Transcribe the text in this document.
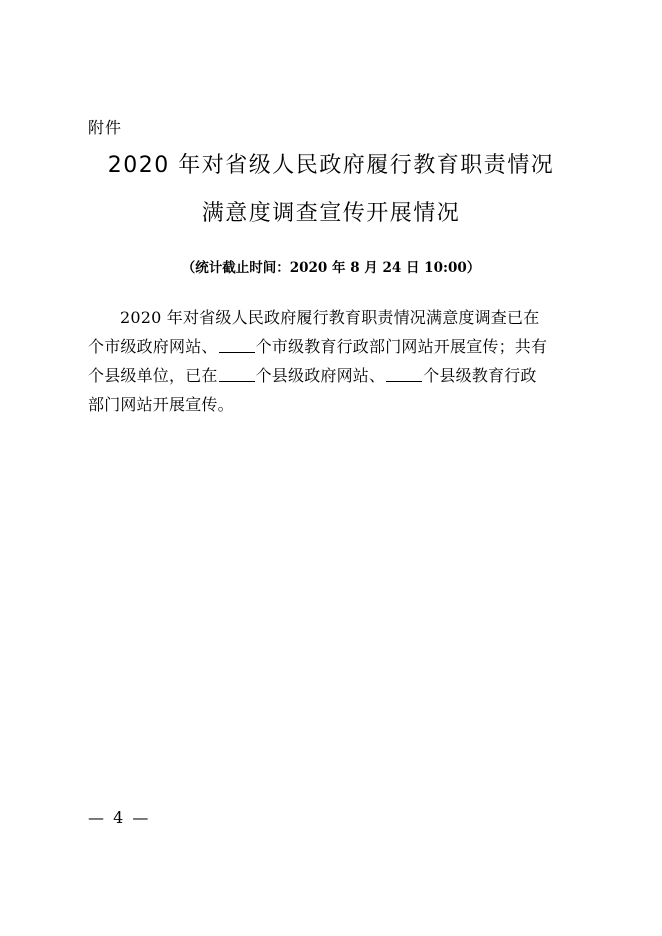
附件
2020 年对省级人民政府履行教育职责情况
满意度调查宣传开展情况
（统计截止时间：2020 年 8 月 24 日 10:00）
2020 年对省级人民政府履行教育职责情况满意度调查已在
个市级政府网站、 个市级教育行政部门网站开展宣传；共有
个县级单位，已在 个县级政府网站、 个县级教育行政
部门网站开展宣传。
— 4 —
